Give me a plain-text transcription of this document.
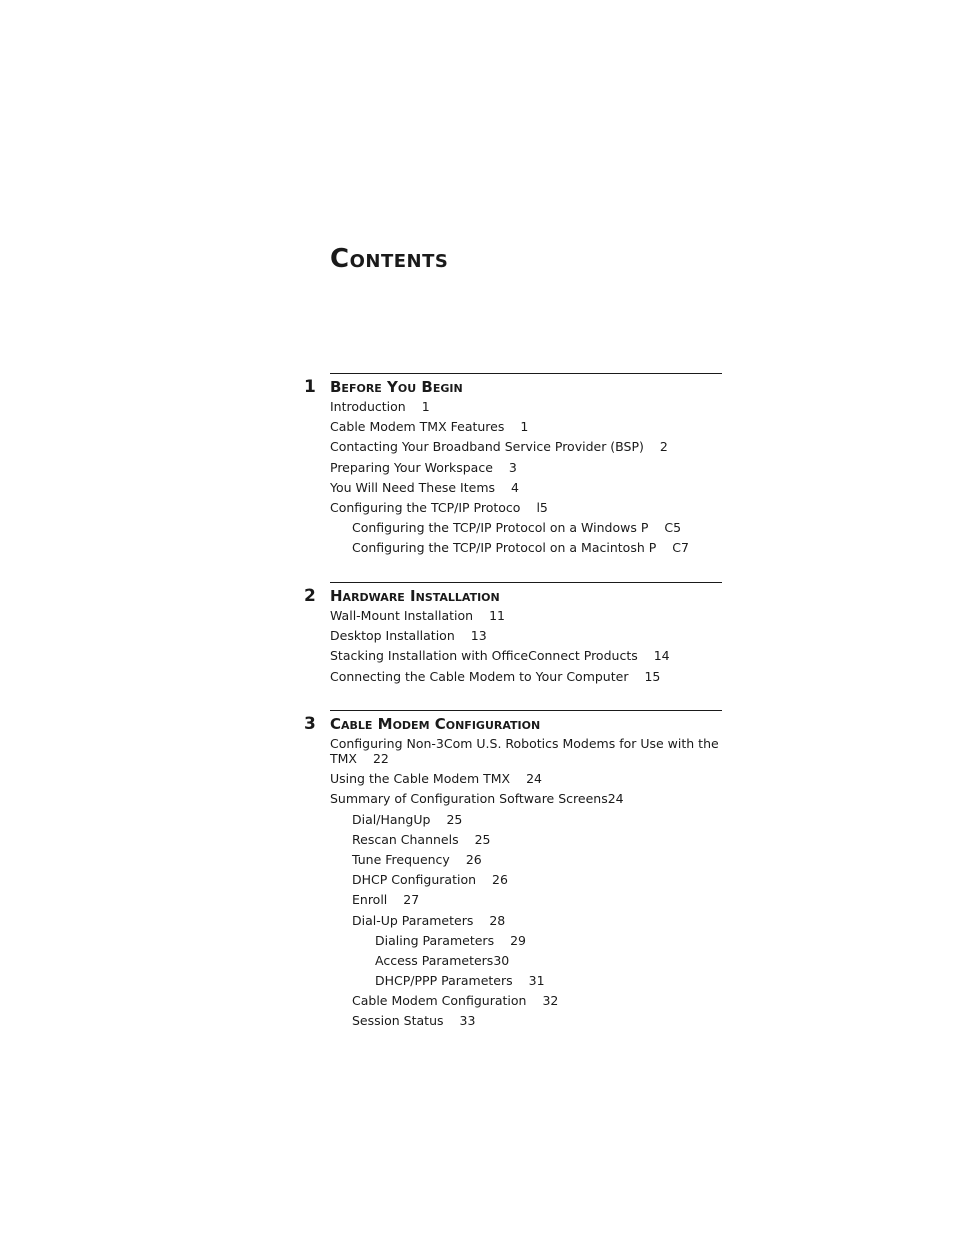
Contents
1 Before You Begin
Introduction 1
Cable Modem TMX Features 1
Contacting Your Broadband Service Provider (BSP) 2
Preparing Your Workspace 3
You Will Need These Items 4
Configuring the TCP/IP Protoco l5
Configuring the TCP/IP Protocol on a Windows P C5
Configuring the TCP/IP Protocol on a Macintosh P C7
2 Hardware Installation
Wall-Mount Installation 11
Desktop Installation 13
Stacking Installation with OfficeConnect Products 14
Connecting the Cable Modem to Your Computer 15
3 Cable Modem Configuration
Configuring Non-3Com U.S. Robotics Modems for Use with the TMX 22
Using the Cable Modem TMX 24
Summary of Configuration Software Screens24
Dial/HangUp 25
Rescan Channels 25
Tune Frequency 26
DHCP Configuration 26
Enroll 27
Dial-Up Parameters 28
Dialing Parameters 29
Access Parameters30
DHCP/PPP Parameters 31
Cable Modem Configuration 32
Session Status 33
